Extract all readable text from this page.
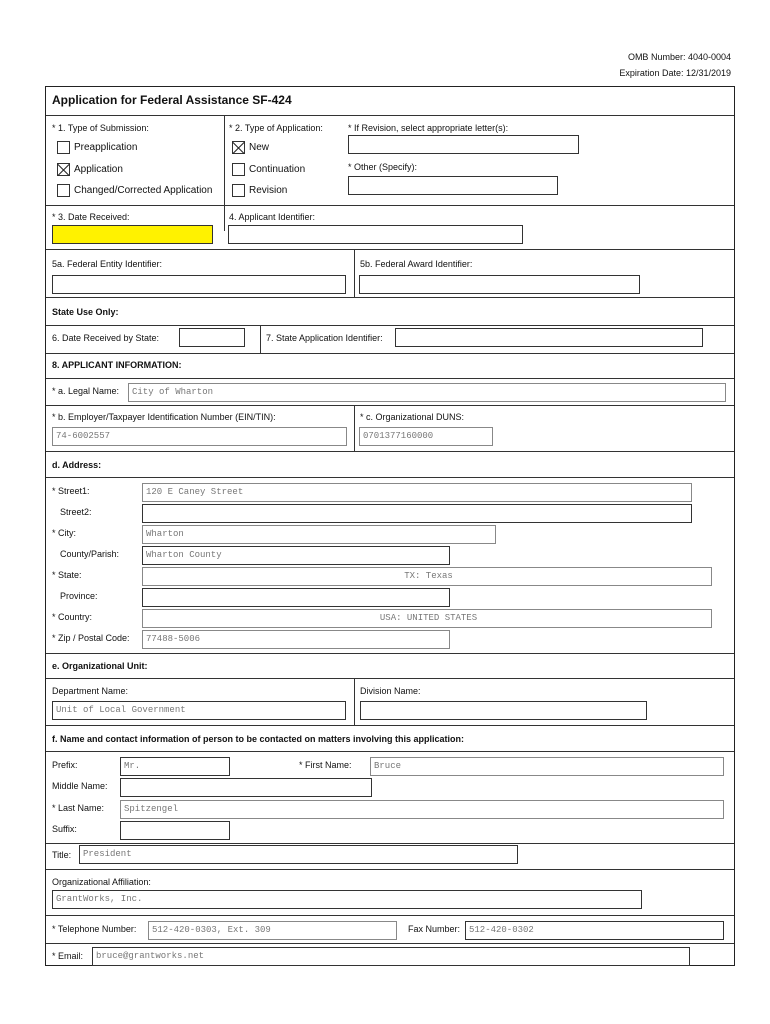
OMB Number: 4040-0004
Expiration Date: 12/31/2019
Application for Federal Assistance SF-424
* 1. Type of Submission:
Preapplication
Application
Changed/Corrected Application
* 2. Type of Application:
New
Continuation
Revision
* If Revision, select appropriate letter(s):
* Other (Specify):
* 3. Date Received:	4. Applicant Identifier:
5a. Federal Entity Identifier:	5b. Federal Award Identifier:
State Use Only:
6. Date Received by State:	7. State Application Identifier:
8. APPLICANT INFORMATION:
* a. Legal Name:	City of Wharton
* b. Employer/Taxpayer Identification Number (EIN/TIN):
74-6002557
* c. Organizational DUNS:
0701377160000
d. Address:
* Street1:	120 E Caney Street
Street2:
* City:	Wharton
County/Parish:	Wharton County
* State:	TX: Texas
Province:
* Country:	USA: UNITED STATES
* Zip / Postal Code:	77488-5006
e. Organizational Unit:
Department Name:
Unit of Local Government
Division Name:
f. Name and contact information of person to be contacted on matters involving this application:
Prefix:	Mr.	* First Name:	Bruce
Middle Name:
* Last Name:	Spitzengel
Suffix:
Title:	President
Organizational Affiliation:
GrantWorks, Inc.
* Telephone Number:	512-420-0303, Ext. 309	Fax Number: 512-420-0302
* Email:	bruce@grantworks.net
